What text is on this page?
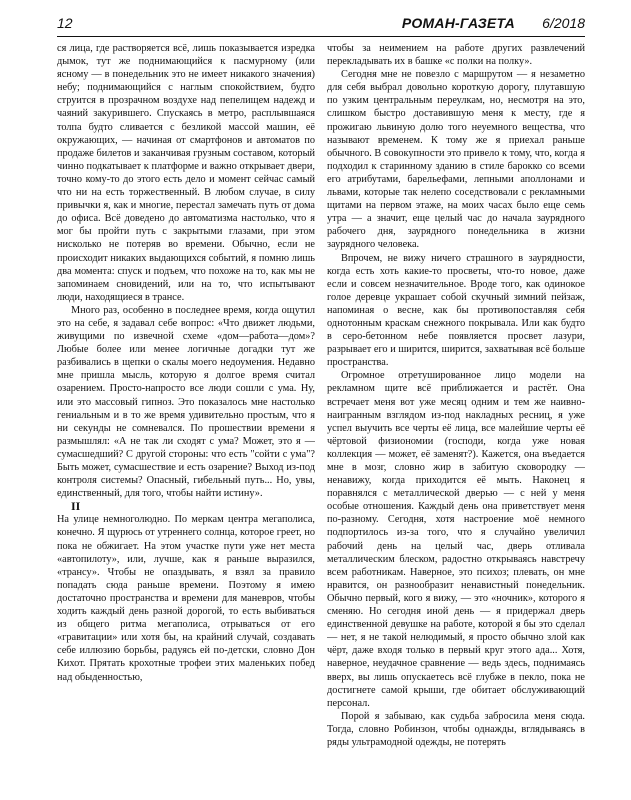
12	РОМАН-ГАЗЕТА 6/2018

ся лица, где растворяется всё, лишь показывается изредка дымок, тут же поднимающийся к пасмурному (или ясному — в понедельник это не имеет никакого значения) небу; поднимающийся с наглым спокойствием, будто струится в прозрачном воздухе над пепелищем надежд и чаяний закурившего. Спускаясь в метро, расплывшаяся толпа будто сливается с безликой массой машин, её окружающих, — начиная от смартфонов и автоматов по продаже билетов и заканчивая грузным составом, который чинно подкатывает к платформе и важно открывает двери, точно кому-то до этого есть дело и момент сейчас самый что ни на есть торжественный. В любом случае, в силу привычки я, как и многие, перестал замечать путь от дома до офиса. Всё доведено до автоматизма настолько, что я мог бы пройти путь с закрытыми глазами, при этом нисколько не потеряв во времени. Обычно, если не происходит никаких выдающихся событий, я помню лишь два момента: спуск и подъем, что похоже на то, как мы не запоминаем сновидений, или на то, что испытывают люди, находящиеся в трансе.

Много раз, особенно в последнее время, когда ощутил это на себе, я задавал себе вопрос: «Что движет людьми, живущими по извечной схеме «дом—работа—дом»? Любые более или менее логичные догадки тут же разбивались в щепки о скалы моего недоумения. Недавно мне пришла мысль, которую я долгое время считал озарением. Просто-напросто все люди сошли с ума. Ну, или это массовый гипноз. Это показалось мне настолько гениальным и в то же время удивительно простым, что я ни секунды не сомневался. По прошествии времени я размышлял: «А не так ли сходят с ума? Может, это я — сумасшедший? С другой стороны: что есть "сойти с ума"? Быть может, сумасшествие и есть озарение? Выход из-под контроля системы? Опасный, гибельный путь... Но, увы, единственный, для того, чтобы найти истину».

II

На улице немноголюдно. По меркам центра мегаполиса, конечно. Я щурюсь от утреннего солнца, которое греет, но пока не обжигает. На этом участке пути уже нет места «автопилоту», или, лучше, как я раньше выразился, «трансу». Чтобы не опаздывать, я взял за правило попадать сюда раньше времени. Поэтому я имею достаточно пространства и времени для маневров, чтобы ходить каждый день разной дорогой, то есть выбиваться из общего ритма мегаполиса, отрываться от его «гравитации» или хотя бы, на крайний случай, создавать себе иллюзию борьбы, радуясь ей по-детски, словно Дон Кихот. Прятать крохотные трофеи этих маленьких побед над обыденностью,

чтобы за неимением на работе других развлечений перекладывать их в башке «с полки на полку».

Сегодня мне не повезло с маршрутом — я незаметно для себя выбрал довольно короткую дорогу, плутавшую по узким центральным переулкам, но, несмотря на это, слишком быстро доставившую меня к месту, где я прожигаю львиную долю того неуемного вещества, что называют временем. К тому же я приехал раньше обычного. В совокупности это привело к тому, что, когда я подходил к старинному зданию в стиле барокко со всеми его атрибутами, барельефами, лепными аполлонами и львами, которые так нелепо соседствовали с рекламными щитами на первом этаже, на моих часах было еще семь утра — а значит, еще целый час до начала заурядного рабочего дня, заурядного понедельника в жизни заурядного человека.

Впрочем, не вижу ничего страшного в заурядности, когда есть хоть какие-то просветы, что-то новое, даже если и совсем незначительное. Вроде того, как одинокое голое деревце украшает собой скучный зимний пейзаж, напоминая о весне, как бы противопоставляя себя однотонным краскам снежного покрывала. Или как будто в серо-бетонном небе появляется просвет лазури, разрывает его и ширится, ширится, захватывая всё больше пространства.

Огромное отретушированное лицо модели на рекламном щите всё приближается и растёт. Она встречает меня вот уже месяц одним и тем же наивно-наигранным взглядом из-под накладных ресниц, я уже успел выучить все черты её лица, все малейшие черты её чёртовой физиономии (господи, когда уже новая коллекция — может, её заменят?). Кажется, она въедается мне в мозг, словно жир в забитую сковородку — ненавижу, когда приходится её мыть. Наконец я поравнялся с металлической дверью — с ней у меня особые отношения. Каждый день она приветствует меня по-разному. Сегодня, хотя настроение моё немного подпортилось из-за того, что я случайно увеличил рабочий день на целый час, дверь отливала металлическим блеском, радостно открываясь навстречу всем работникам. Наверное, это психоз; плевать, он мне нравится, он разнообразит ненавистный понедельник. Обычно первый, кого я вижу, — это «ночник», которого я сменяю. Но сегодня иной день — я придержал дверь единственной девушке на работе, которой я бы это сделал — нет, я не такой нелюдимый, я просто обычно злой как чёрт, даже входя только в первый круг этого ада... Хотя, наверное, неудачное сравнение — ведь здесь, поднимаясь вверх, вы лишь опускаетесь всё глубже в пекло, пока не достигнете самой крыши, где обитает обслуживающий персонал.

Порой я забываю, как судьба забросила меня сюда. Тогда, словно Робинзон, чтобы однажды, вглядываясь в ряды ультрамодной одежды, не потерять
